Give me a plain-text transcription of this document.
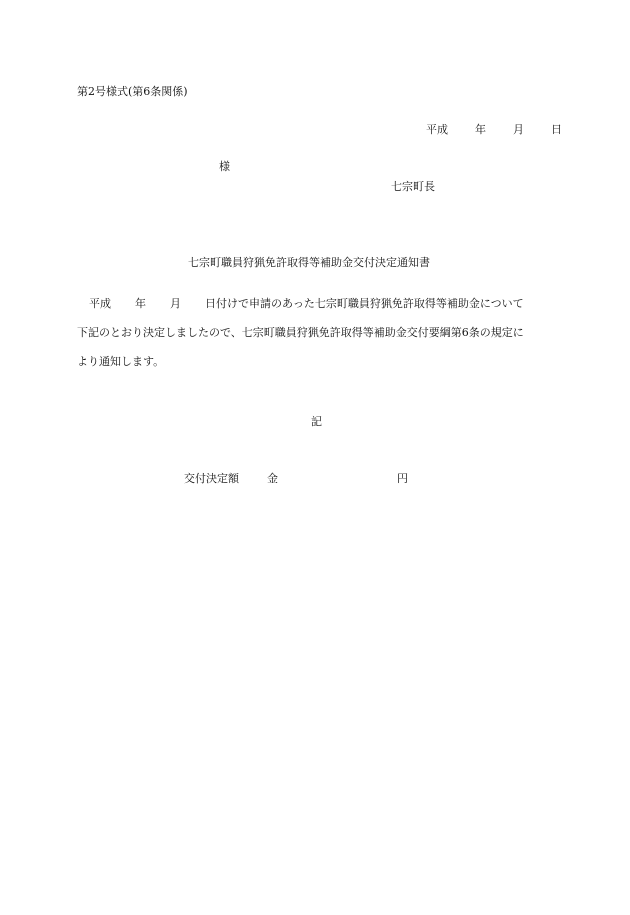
第2号様式(第6条関係)
平成 年 月 日
様
七宗町長
七宗町職員狩猟免許取得等補助金交付決定通知書
平成 年 月 日付けで申請のあった七宗町職員狩猟免許取得等補助金について
下記のとおり決定しましたので、七宗町職員狩猟免許取得等補助金交付要綱第6条の規定に
より通知します。
記
交付決定額	金	円
